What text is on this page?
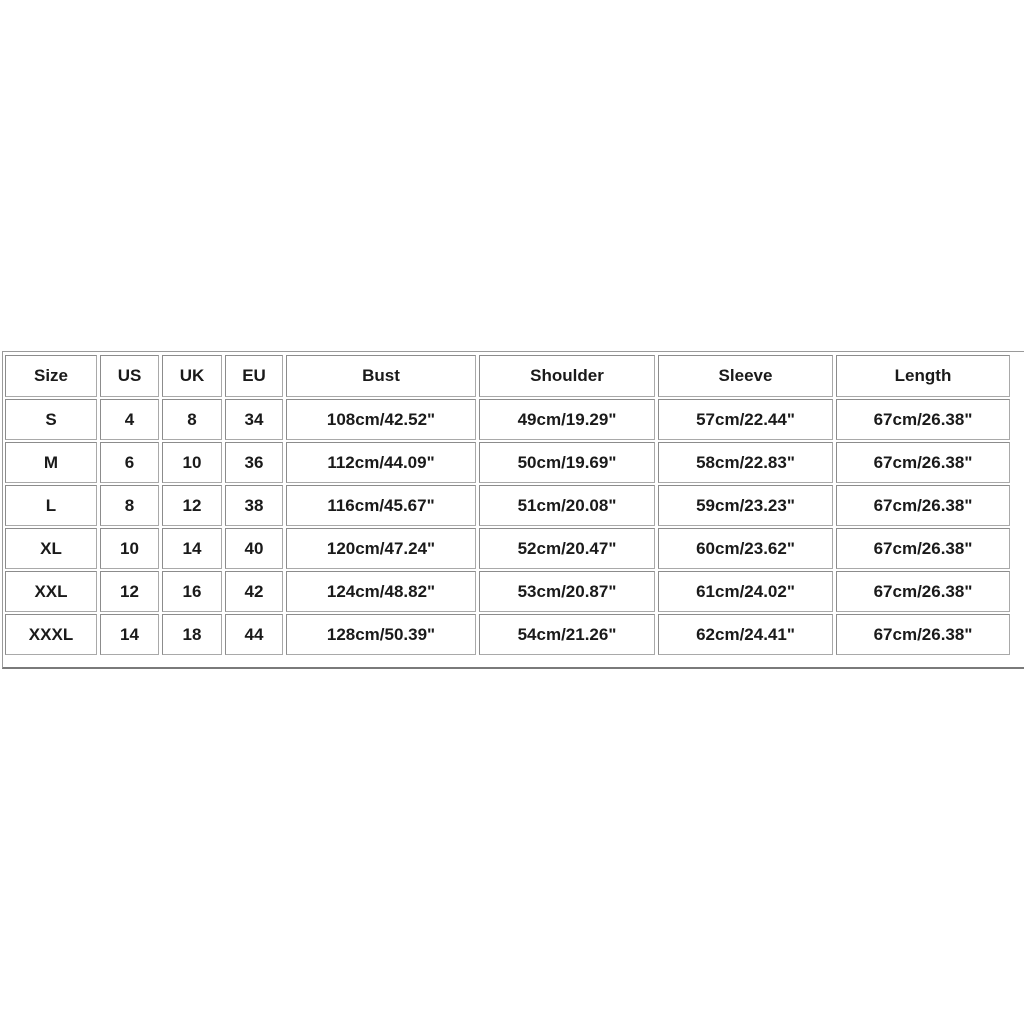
Size	US	UK	EU	Bust	Shoulder	Sleeve	Length
S	4	8	34	108cm/42.52"	49cm/19.29"	57cm/22.44"	67cm/26.38"
M	6	10	36	112cm/44.09"	50cm/19.69"	58cm/22.83"	67cm/26.38"
L	8	12	38	116cm/45.67"	51cm/20.08"	59cm/23.23"	67cm/26.38"
XL	10	14	40	120cm/47.24"	52cm/20.47"	60cm/23.62"	67cm/26.38"
XXL	12	16	42	124cm/48.82"	53cm/20.87"	61cm/24.02"	67cm/26.38"
XXXL	14	18	44	128cm/50.39"	54cm/21.26"	62cm/24.41"	67cm/26.38"
